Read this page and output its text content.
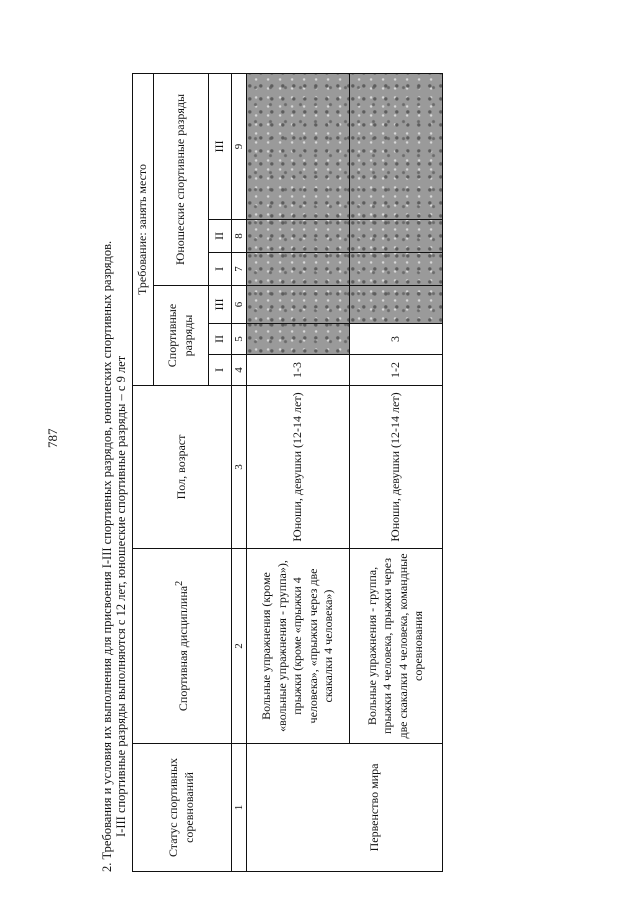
787	2. Требования и условия их выполнения для присвоения I-III спортивных разрядов, юношеских спортивных разрядов. I-III спортивные разряды выполняются с 12 лет, юношеские спортивные разряды – с 9 лет	Статус спортивных соревнований	Спортивная дисциплина$^2$	Пол, возраст	Требование: занять место					
			Спортивные разряды			Юношеские спортивные разряды		
			I	II	III	I	II	III
1	2	3	4	5	6	7	8	9
Первенство мира	Вольные упражнения (кроме «вольные упражнения - группа»), прыжки (кроме «прыжки 4 человека», «прыжки через две скакалки 4 человека»)	Юноши, девушки (12-14 лет)	1-3					
	Вольные упражнения - группа, прыжки 4 человека, прыжки через две скакалки 4 человека, командные соревнования	Юноши, девушки (12-14 лет)	1-2	3				
